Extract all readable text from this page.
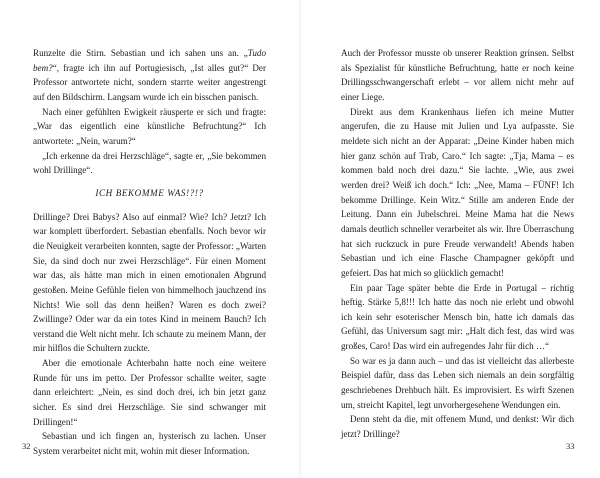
Runzelte die Stirn. Sebastian und ich sahen uns an. „Tudo bem?“, fragte ich ihn auf Portugiesisch, „Ist alles gut?“ Der Professor antwortete nicht, sondern starrte weiter angestrengt auf den Bildschirm. Langsam wurde ich ein bisschen panisch.

Nach einer gefühlten Ewigkeit räusperte er sich und fragte: „War das eigentlich eine künstliche Befruchtung?“ Ich antwortete: „Nein, warum?“

„Ich erkenne da drei Herzschläge“, sagte er, „Sie bekommen wohl Drillinge“.

ICH BEKOMME WAS!?!?

Drillinge? Drei Babys? Also auf einmal? Wie? Ich? Jetzt? Ich war komplett überfordert. Sebastian ebenfalls. Noch bevor wir die Neuigkeit verarbeiten konnten, sagte der Professor: „Warten Sie, da sind doch nur zwei Herzschläge“. Für einen Moment war das, als hätte man mich in einen emotionalen Abgrund gestoßen. Meine Gefühle fielen von himmelhoch jauchzend ins Nichts! Wie soll das denn heißen? Waren es doch zwei? Zwillinge? Oder war da ein totes Kind in meinem Bauch? Ich verstand die Welt nicht mehr. Ich schaute zu meinem Mann, der mir hilflos die Schultern zuckte.

Aber die emotionale Achterbahn hatte noch eine weitere Runde für uns im petto. Der Professor schallte weiter, sagte dann erleichtert: „Nein, es sind doch drei, ich bin jetzt ganz sicher. Es sind drei Herzschläge. Sie sind schwanger mit Drillingen!“

Sebastian und ich fingen an, hysterisch zu lachen. Unser System verarbeitet nicht mit, wohin mit dieser Information.

Auch der Professor musste ob unserer Reaktion grinsen. Selbst als Spezialist für künstliche Befruchtung, hatte er noch keine Drillingsschwangerschaft erlebt – vor allem nicht mehr auf einer Liege.

Direkt aus dem Krankenhaus liefen ich meine Mutter angerufen, die zu Hause mit Julien und Lya aufpasste. Sie meldete sich nicht an der Apparat: „Deine Kinder haben mich hier ganz schön auf Trab, Caro.“ Ich sagte: „Tja, Mama – es kommen bald noch drei dazu.“ Sie lachte. „Wie, aus zwei werden drei? Weiß ich doch.“ Ich: „Nee, Mama – FÜNF! Ich bekomme Drillinge. Kein Witz.“ Stille am anderen Ende der Leitung. Dann ein Jubelschrei. Meine Mama hat die News damals deutlich schneller verarbeitet als wir. Ihre Überraschung hat sich ruckzuck in pure Freude verwandelt! Abends haben Sebastian und ich eine Flasche Champagner geköpft und gefeiert. Das hat mich so glücklich gemacht!

Ein paar Tage später bebte die Erde in Portugal – richtig heftig. Stärke 5,8!!! Ich hatte das noch nie erlebt und obwohl ich kein sehr esoterischer Mensch bin, hatte ich damals das Gefühl, das Universum sagt mir: „Halt dich fest, das wird was großes, Caro! Das wird ein aufregendes Jahr für dich …“

So war es ja dann auch – und das ist vielleicht das allerbeste Beispiel dafür, dass das Leben sich niemals an dein sorgfältig geschriebenes Drehbuch hält. Es improvisiert. Es wirft Szenen um, streicht Kapitel, legt unvorhergesehene Wendungen ein.

Denn steht da die, mit offenem Mund, und denkst: Wir dich jetzt? Drillinge?

32	33
